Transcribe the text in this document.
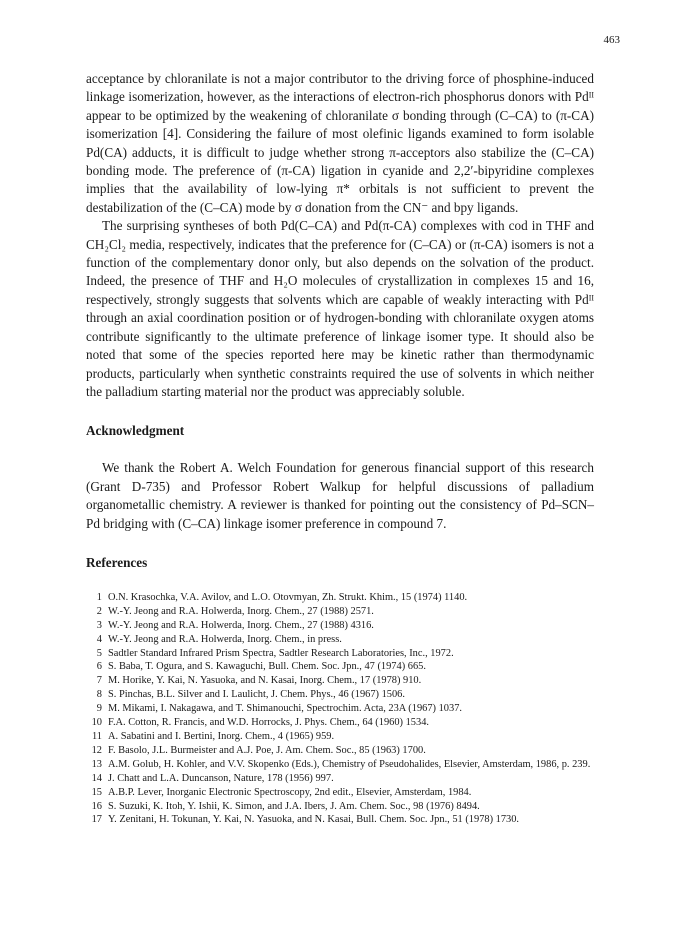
463

acceptance by chloranilate is not a major contributor to the driving force of phosphine-induced linkage isomerization, however, as the interactions of electron-rich phosphorus donors with Pdᴵᴵ appear to be optimized by the weakening of chloranilate σ bonding through (C–CA) to (π-CA) isomerization [4]. Considering the failure of most olefinic ligands examined to form isolable Pd(CA) adducts, it is difficult to judge whether strong π-acceptors also stabilize the (C–CA) bonding mode. The preference of (π-CA) ligation in cyanide and 2,2′-bipyridine complexes implies that the availability of low-lying π* orbitals is not sufficient to prevent the destabilization of the (C–CA) mode by σ donation from the CN⁻ and bpy ligands.

The surprising syntheses of both Pd(C–CA) and Pd(π-CA) complexes with cod in THF and CH₂Cl₂ media, respectively, indicates that the preference for (C–CA) or (π-CA) isomers is not a function of the complementary donor only, but also depends on the solvation of the product. Indeed, the presence of THF and H₂O molecules of crystallization in complexes 15 and 16, respectively, strongly suggests that solvents which are capable of weakly interacting with Pdᴵᴵ through an axial coordination position or of hydrogen-bonding with chloranilate oxygen atoms contribute significantly to the ultimate preference of linkage isomer type. It should also be noted that some of the species reported here may be kinetic rather than thermodynamic products, particularly when synthetic constraints required the use of solvents in which neither the palladium starting material nor the product was appreciably soluble.

Acknowledgment

We thank the Robert A. Welch Foundation for generous financial support of this research (Grant D-735) and Professor Robert Walkup for helpful discussions of palladium organometallic chemistry. A reviewer is thanked for pointing out the consistency of Pd–SCN–Pd bridging with (C–CA) linkage isomer preference in compound 7.

References
1 O.N. Krasochka, V.A. Avilov, and L.O. Otovmyan, Zh. Strukt. Khim., 15 (1974) 1140.
2 W.-Y. Jeong and R.A. Holwerda, Inorg. Chem., 27 (1988) 2571.
3 W.-Y. Jeong and R.A. Holwerda, Inorg. Chem., 27 (1988) 4316.
4 W.-Y. Jeong and R.A. Holwerda, Inorg. Chem., in press.
5 Sadtler Standard Infrared Prism Spectra, Sadtler Research Laboratories, Inc., 1972.
6 S. Baba, T. Ogura, and S. Kawaguchi, Bull. Chem. Soc. Jpn., 47 (1974) 665.
7 M. Horike, Y. Kai, N. Yasuoka, and N. Kasai, Inorg. Chem., 17 (1978) 910.
8 S. Pinchas, B.L. Silver and I. Laulicht, J. Chem. Phys., 46 (1967) 1506.
9 M. Mikami, I. Nakagawa, and T. Shimanouchi, Spectrochim. Acta, 23A (1967) 1037.
10 F.A. Cotton, R. Francis, and W.D. Horrocks, J. Phys. Chem., 64 (1960) 1534.
11 A. Sabatini and I. Bertini, Inorg. Chem., 4 (1965) 959.
12 F. Basolo, J.L. Burmeister and A.J. Poe, J. Am. Chem. Soc., 85 (1963) 1700.
13 A.M. Golub, H. Kohler, and V.V. Skopenko (Eds.), Chemistry of Pseudohalides, Elsevier, Amsterdam, 1986, p. 239.
14 J. Chatt and L.A. Duncanson, Nature, 178 (1956) 997.
15 A.B.P. Lever, Inorganic Electronic Spectroscopy, 2nd edit., Elsevier, Amsterdam, 1984.
16 S. Suzuki, K. Itoh, Y. Ishii, K. Simon, and J.A. Ibers, J. Am. Chem. Soc., 98 (1976) 8494.
17 Y. Zenitani, H. Tokunan, Y. Kai, N. Yasuoka, and N. Kasai, Bull. Chem. Soc. Jpn., 51 (1978) 1730.
